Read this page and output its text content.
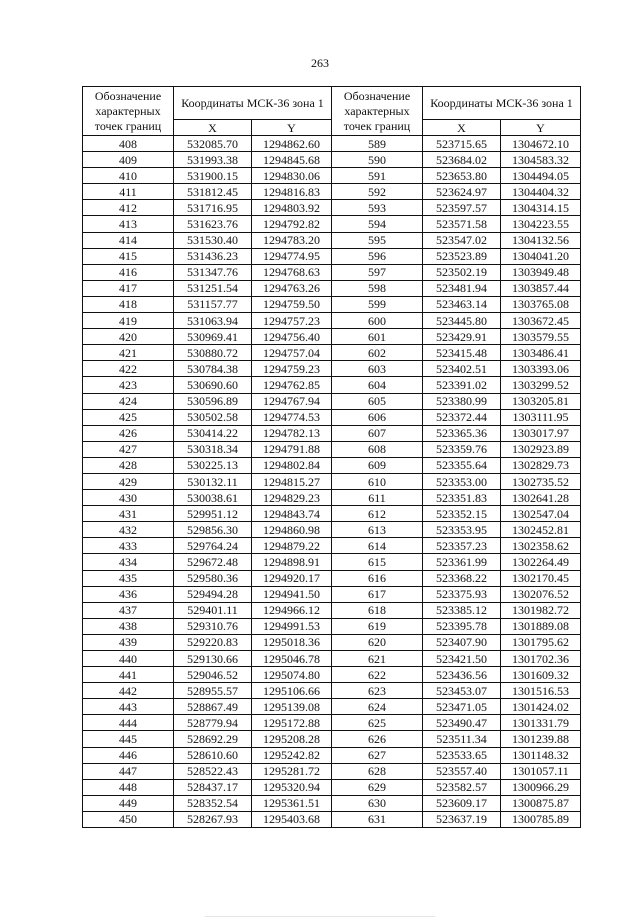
263
Обозначение характерных точек границ	Координаты МСК-36 зона 1		Обозначение характерных точек границ	Координаты МСК-36 зона 1	
	X	Y		X	Y
408	532085.70	1294862.60	589	523715.65	1304672.10
409	531993.38	1294845.68	590	523684.02	1304583.32
410	531900.15	1294830.06	591	523653.80	1304494.05
411	531812.45	1294816.83	592	523624.97	1304404.32
412	531716.95	1294803.92	593	523597.57	1304314.15
413	531623.76	1294792.82	594	523571.58	1304223.55
414	531530.40	1294783.20	595	523547.02	1304132.56
415	531436.23	1294774.95	596	523523.89	1304041.20
416	531347.76	1294768.63	597	523502.19	1303949.48
417	531251.54	1294763.26	598	523481.94	1303857.44
418	531157.77	1294759.50	599	523463.14	1303765.08
419	531063.94	1294757.23	600	523445.80	1303672.45
420	530969.41	1294756.40	601	523429.91	1303579.55
421	530880.72	1294757.04	602	523415.48	1303486.41
422	530784.38	1294759.23	603	523402.51	1303393.06
423	530690.60	1294762.85	604	523391.02	1303299.52
424	530596.89	1294767.94	605	523380.99	1303205.81
425	530502.58	1294774.53	606	523372.44	1303111.95
426	530414.22	1294782.13	607	523365.36	1303017.97
427	530318.34	1294791.88	608	523359.76	1302923.89
428	530225.13	1294802.84	609	523355.64	1302829.73
429	530132.11	1294815.27	610	523353.00	1302735.52
430	530038.61	1294829.23	611	523351.83	1302641.28
431	529951.12	1294843.74	612	523352.15	1302547.04
432	529856.30	1294860.98	613	523353.95	1302452.81
433	529764.24	1294879.22	614	523357.23	1302358.62
434	529672.48	1294898.91	615	523361.99	1302264.49
435	529580.36	1294920.17	616	523368.22	1302170.45
436	529494.28	1294941.50	617	523375.93	1302076.52
437	529401.11	1294966.12	618	523385.12	1301982.72
438	529310.76	1294991.53	619	523395.78	1301889.08
439	529220.83	1295018.36	620	523407.90	1301795.62
440	529130.66	1295046.78	621	523421.50	1301702.36
441	529046.52	1295074.80	622	523436.56	1301609.32
442	528955.57	1295106.66	623	523453.07	1301516.53
443	528867.49	1295139.08	624	523471.05	1301424.02
444	528779.94	1295172.88	625	523490.47	1301331.79
445	528692.29	1295208.28	626	523511.34	1301239.88
446	528610.60	1295242.82	627	523533.65	1301148.32
447	528522.43	1295281.72	628	523557.40	1301057.11
448	528437.17	1295320.94	629	523582.57	1300966.29
449	528352.54	1295361.51	630	523609.17	1300875.87
450	528267.93	1295403.68	631	523637.19	1300785.89
